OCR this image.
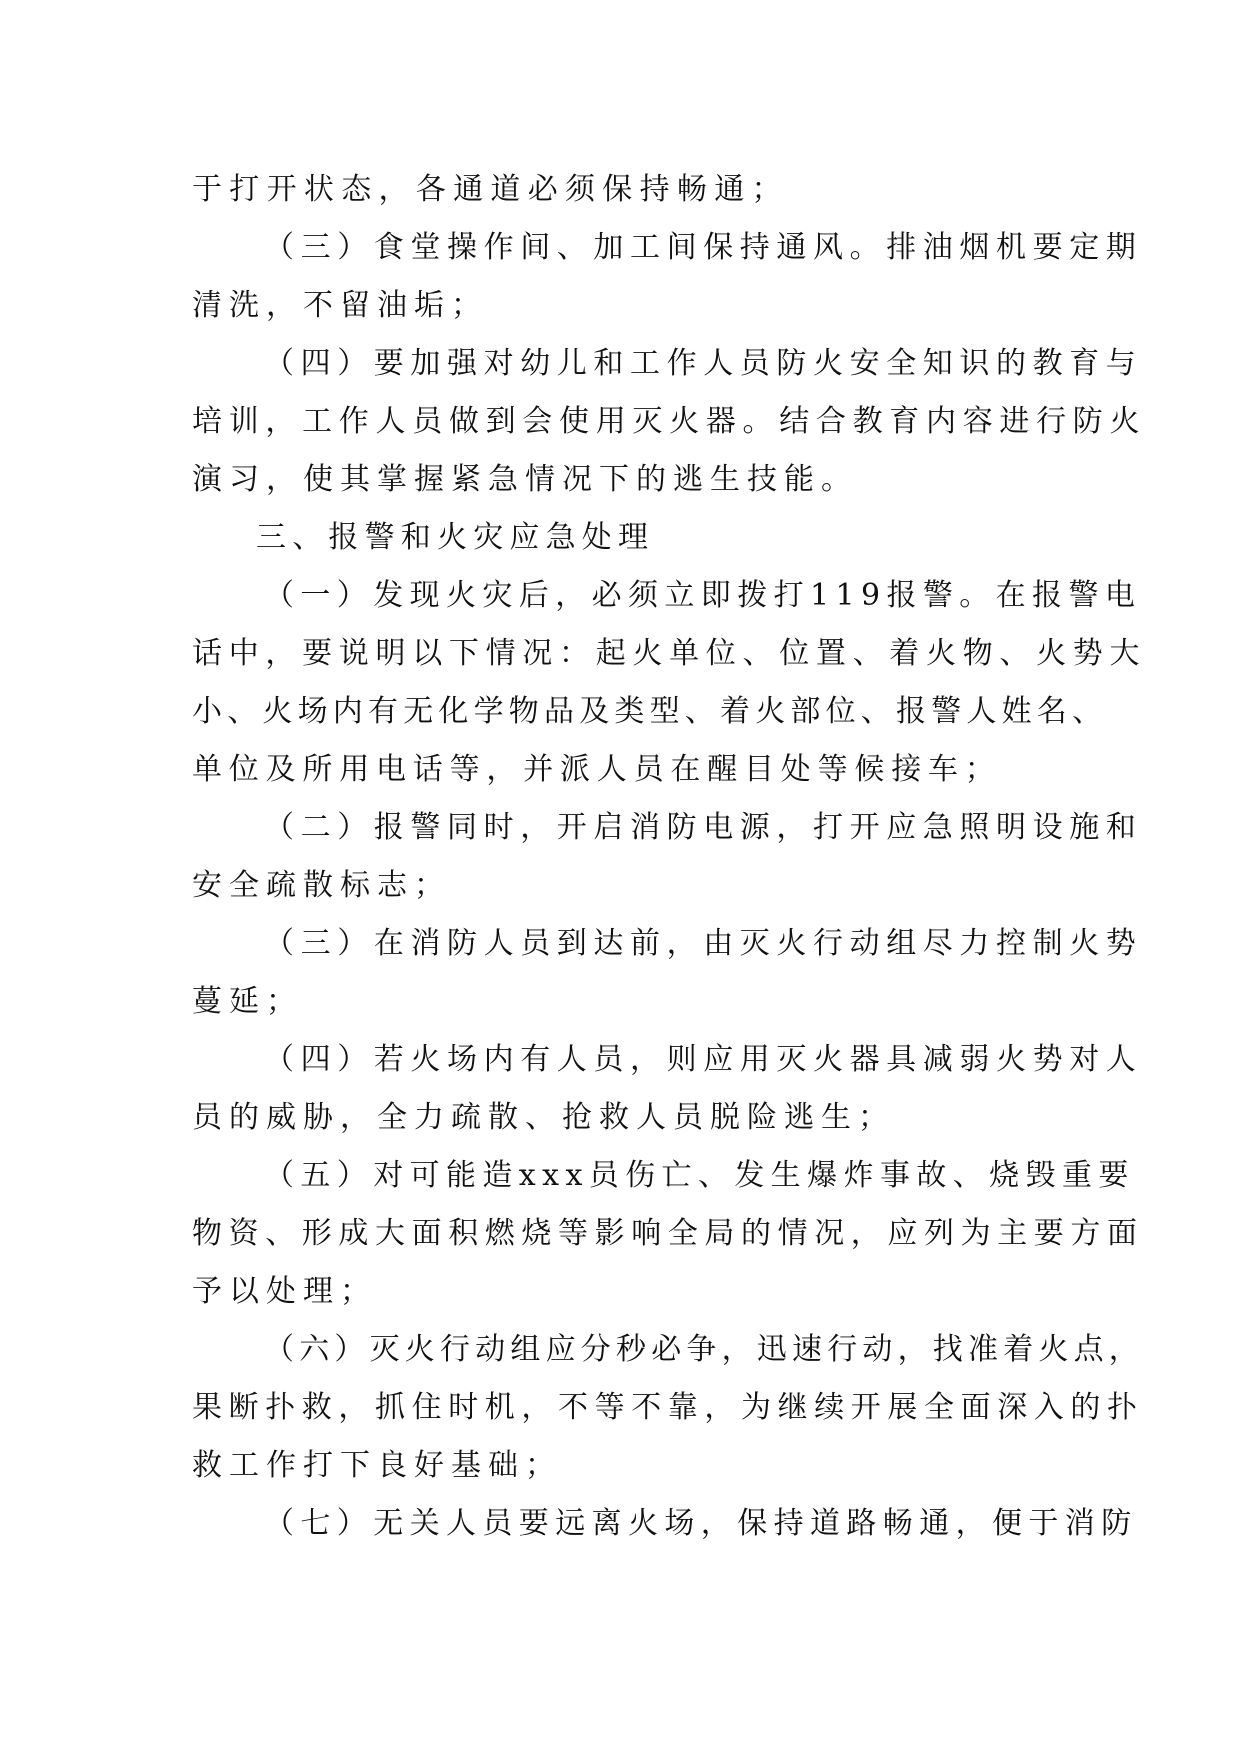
于打开状态，各通道必须保持畅通；
（三）食堂操作间、加工间保持通风。排油烟机要定期
清洗，不留油垢；
（四）要加强对幼儿和工作人员防火安全知识的教育与
培训，工作人员做到会使用灭火器。结合教育内容进行防火
演习，使其掌握紧急情况下的逃生技能。
三、报警和火灾应急处理
（一）发现火灾后，必须立即拨打119报警。在报警电
话中，要说明以下情况：起火单位、位置、着火物、火势大
小、火场内有无化学物品及类型、着火部位、报警人姓名、
单位及所用电话等，并派人员在醒目处等候接车；
（二）报警同时，开启消防电源，打开应急照明设施和
安全疏散标志；
（三）在消防人员到达前，由灭火行动组尽力控制火势
蔓延；
（四）若火场内有人员，则应用灭火器具减弱火势对人
员的威胁，全力疏散、抢救人员脱险逃生；
（五）对可能造xxx员伤亡、发生爆炸事故、烧毁重要
物资、形成大面积燃烧等影响全局的情况，应列为主要方面
予以处理；
（六）灭火行动组应分秒必争，迅速行动，找准着火点，
果断扑救，抓住时机，不等不靠，为继续开展全面深入的扑
救工作打下良好基础；
（七）无关人员要远离火场，保持道路畅通，便于消防
